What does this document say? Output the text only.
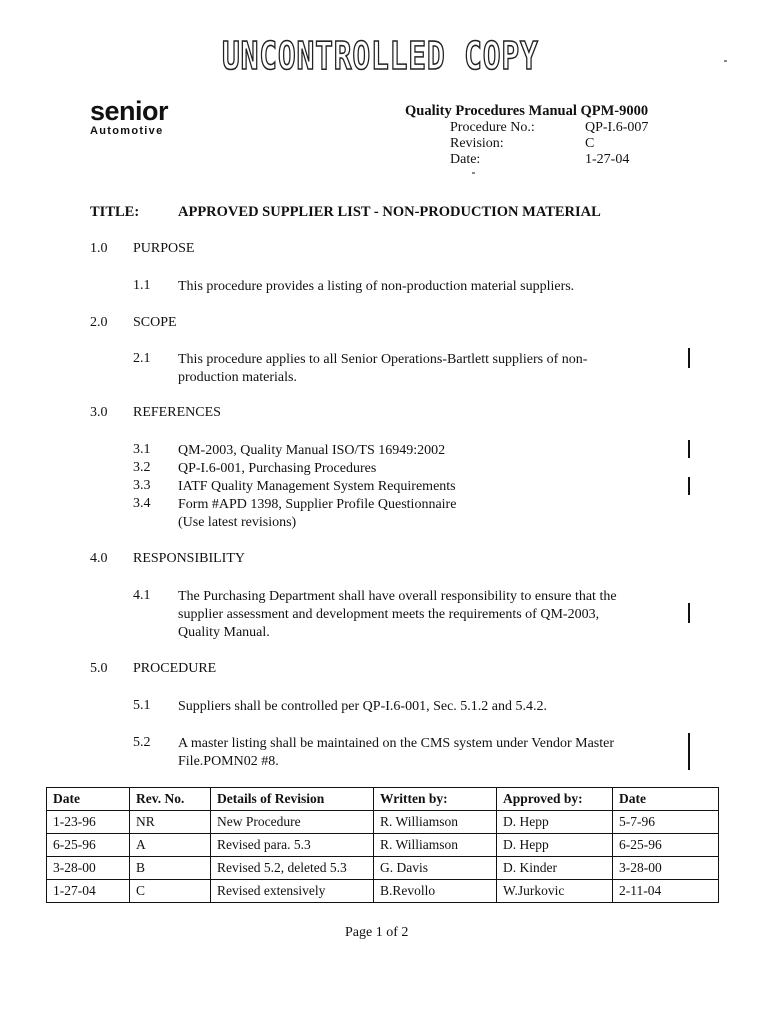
UNCONTROLLED COPY
senior
Automotive
Quality Procedures Manual QPM-9000
Procedure No.:	QP-I.6-007
Revision:	C
Date:	1-27-04
TITLE:	APPROVED SUPPLIER LIST - NON-PRODUCTION MATERIAL
1.0 PURPOSE
1.1 This procedure provides a listing of non-production material suppliers.
2.0 SCOPE
2.1 This procedure applies to all Senior Operations-Bartlett suppliers of non-
production materials.
3.0 REFERENCES
3.1 QM-2003, Quality Manual ISO/TS 16949:2002
3.2 QP-I.6-001, Purchasing Procedures
3.3 IATF Quality Management System Requirements
3.4 Form #APD 1398, Supplier Profile Questionnaire
(Use latest revisions)
4.0 RESPONSIBILITY
4.1 The Purchasing Department shall have overall responsibility to ensure that the
supplier assessment and development meets the requirements of QM-2003,
Quality Manual.
5.0 PROCEDURE
5.1 Suppliers shall be controlled per QP-I.6-001, Sec. 5.1.2 and 5.4.2.
5.2 A master listing shall be maintained on the CMS system under Vendor Master
File.POMN02 #8.
Date	Rev. No.	Details of Revision	Written by:	Approved by:	Date
1-23-96	NR	New Procedure	R. Williamson	D. Hepp	5-7-96
6-25-96	A	Revised para. 5.3	R. Williamson	D. Hepp	6-25-96
3-28-00	B	Revised 5.2, deleted 5.3	G. Davis	D. Kinder	3-28-00
1-27-04	C	Revised extensively	B.Revollo	W.Jurkovic	2-11-04
Page 1 of 2
